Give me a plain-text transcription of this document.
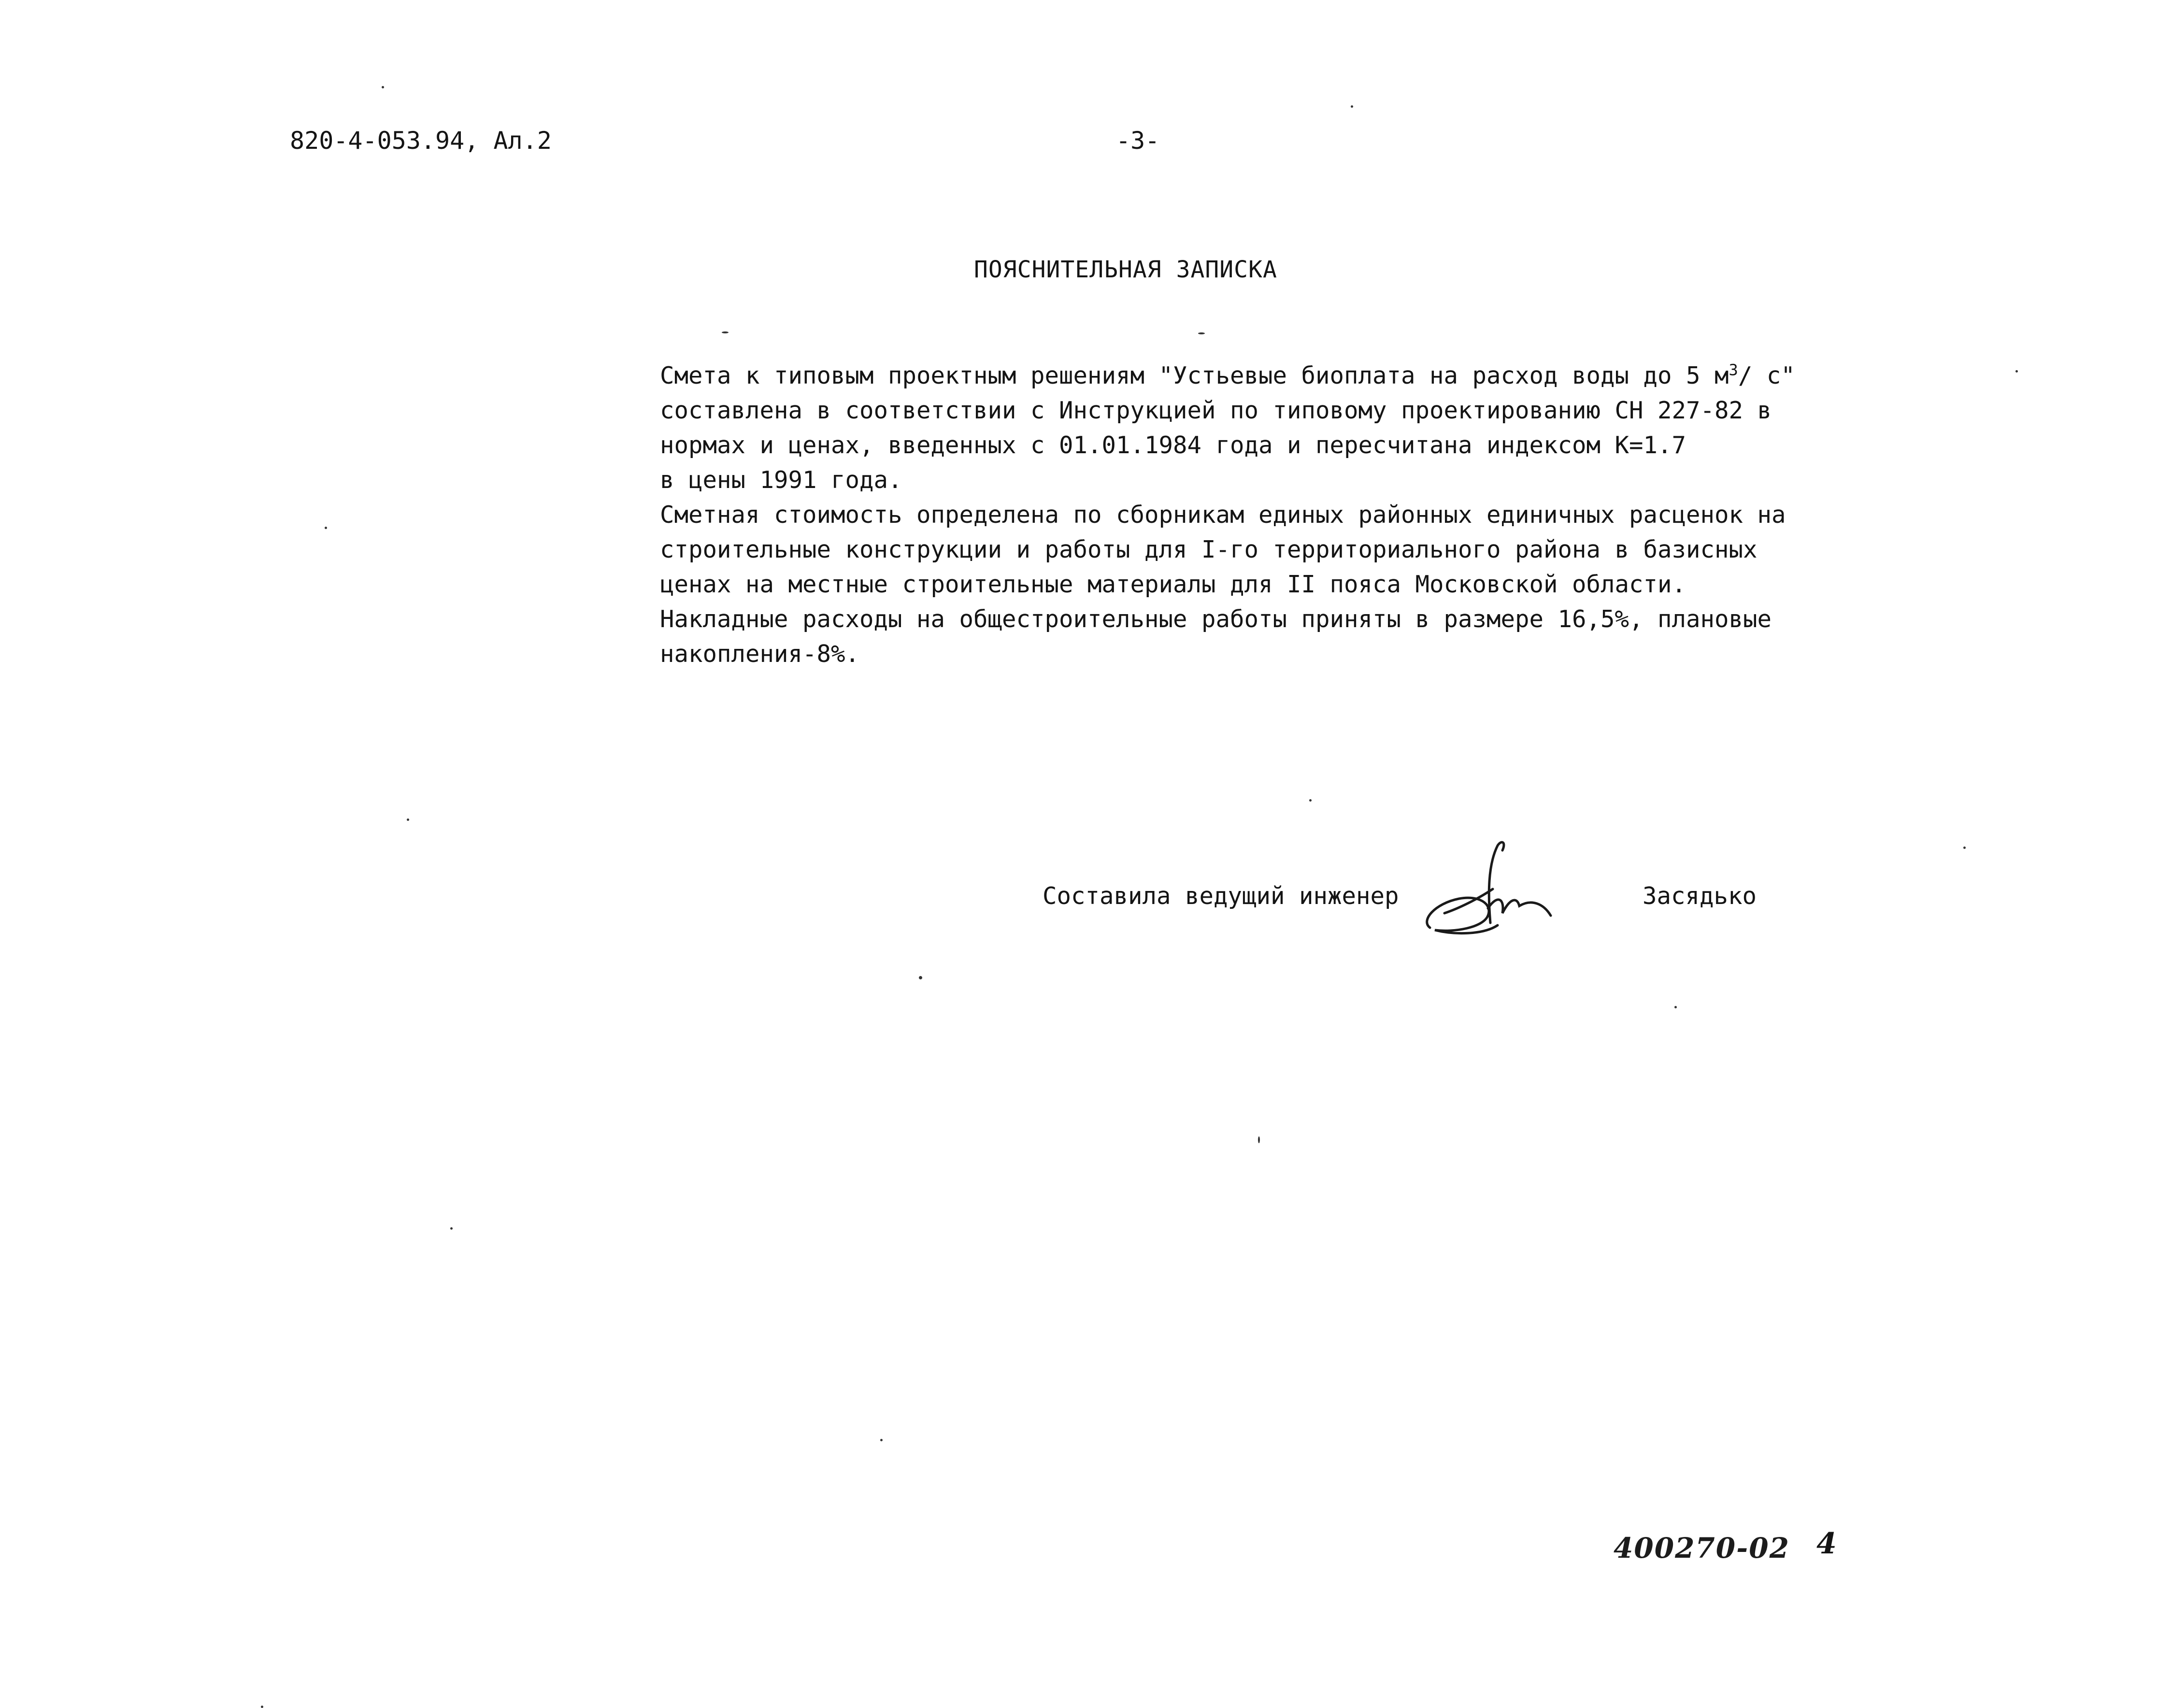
820-4-053.94, Ал.2	-3-
ПОЯСНИТЕЛЬНАЯ ЗАПИСКА
Смета к типовым проектным решениям "Устьевые биоплата на расход воды до 5 $м^3/$ с"
составлена в соответствии с Инструкцией по типовому проектированию СН 227-82 в
нормах и ценах, введенных с 01.01.1984 года и пересчитана индексом К=1.7
в цены 1991 года.
Сметная стоимость определена по сборникам единых районных единичных расценок на
строительные конструкции и работы для I-го территориального района в базисных
ценах на местные строительные материалы для II пояса Московской области.
Накладные расходы на общестроительные работы приняты в размере 16,5%, плановые
накопления-8%.
Составила ведущий инженер	Засядько
400270-02 4
